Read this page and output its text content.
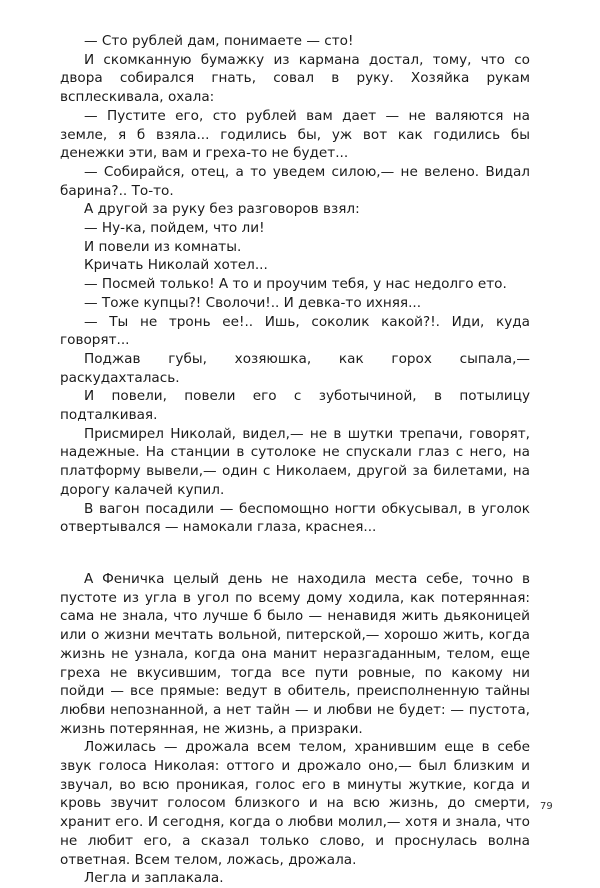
— Сто рублей дам, понимаете — сто!

И скомканную бумажку из кармана достал, тому, что со двора собирался гнать, совал в руку. Хозяйка рукам всплескивала, охала:

— Пустите его, сто рублей вам дает — не валяются на земле, я б взяла... годились бы, уж вот как годились бы денежки эти, вам и греха-то не будет...

— Собирайся, отец, а то уведем силою,— не велено. Видал барина?.. То-то.

А другой за руку без разговоров взял:

— Ну-ка, пойдем, что ли!

И повели из комнаты.

Кричать Николай хотел...

— Посмей только! А то и проучим тебя, у нас недолго ето.

— Тоже купцы?! Сволочи!.. И девка-то ихняя...

— Ты не тронь ее!.. Ишь, соколик какой?!. Иди, куда говорят...

Поджав губы, хозяюшка, как горох сыпала,— раскудахталась.

И повели, повели его с зуботычиной, в потылицу подталкивая.

Присмирел Николай, видел,— не в шутки трепачи, говорят, надежные. На станции в сутолоке не спускали глаз с него, на платформу вывели,— один с Николаем, другой за билетами, на дорогу калачей купил.

В вагон посадили — беспомощно ногти обкусывал, в уголок отвертывался — намокали глаза, краснея...

А Феничка целый день не находила места себе, точно в пустоте из угла в угол по всему дому ходила, как потерянная: сама не знала, что лучше б было — ненавидя жить дьяконицей или о жизни мечтать вольной, питерской,— хорошо жить, когда жизнь не узнала, когда она манит неразгаданным, телом, еще греха не вкусившим, тогда все пути ровные, по какому ни пойди — все прямые: ведут в обитель, преисполненную тайны любви непознанной, а нет тайн — и любви не будет: — пустота, жизнь потерянная, не жизнь, а призраки.

Ложилась — дрожала всем телом, хранившим еще в себе звук голоса Николая: оттого и дрожало оно,— был близким и звучал, во всю проникая, голос его в минуты жуткие, когда и кровь звучит голосом близкого и на всю жизнь, до смерти, хранит его. И сегодня, когда о любви молил,— хотя и знала, что не любит его, а сказал только слово, и проснулась волна ответная. Всем телом, ложась, дрожала.

Легла и заплакала.

79
